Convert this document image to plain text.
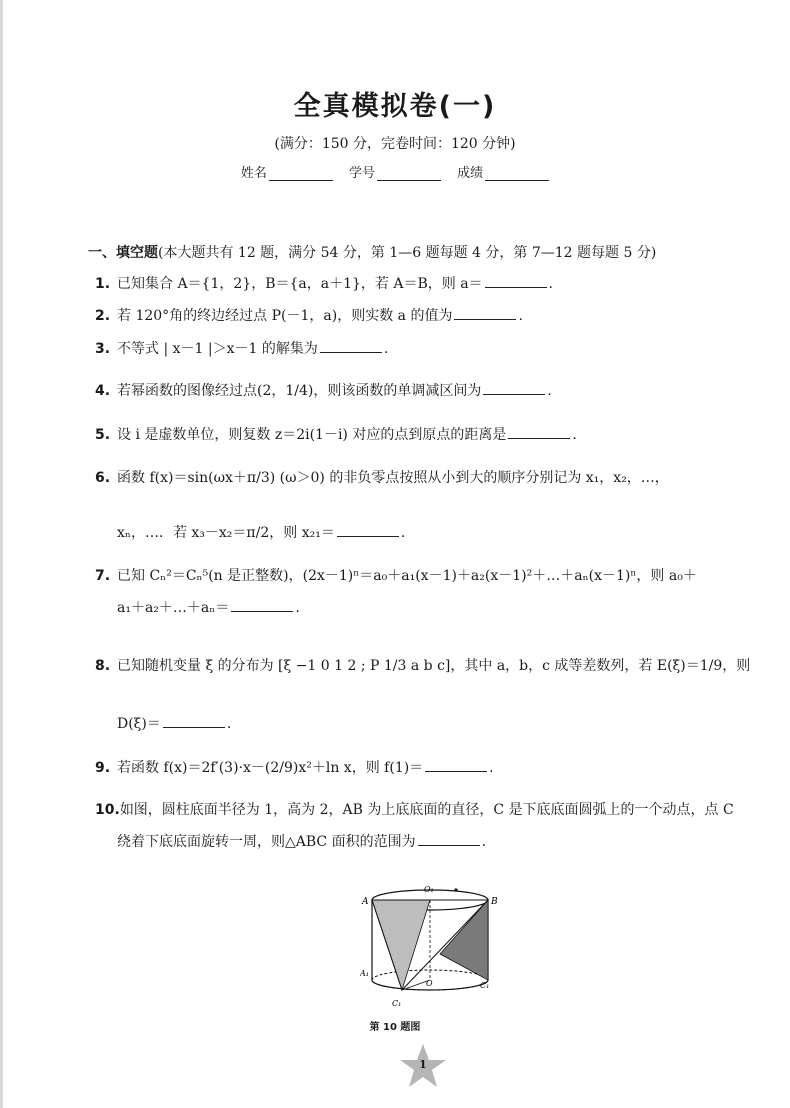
全真模拟卷(一)
(满分：150 分，完卷时间：120 分钟)
姓名	学号	成绩
一、填空题(本大题共有 12 题，满分 54 分，第 1—6 题每题 4 分，第 7—12 题每题 5 分)
1. 已知集合 A＝{1，2}，B＝{a，a＋1}，若 A＝B，则 a＝	.
2. 若 120°角的终边经过点 P(－1，a)，则实数 a 的值为	.
3. 不等式 | x－1 |＞x－1 的解集为	.
4. 若幂函数的图像经过点(2，1/4)，则该函数的单调减区间为	.
5. 设 i 是虚数单位，则复数 z＝2i(1－i) 对应的点到原点的距离是	.
6. 函数 f(x)＝sin(ωx＋π/3) (ω＞0) 的非负零点按照从小到大的顺序分别记为 x₁，x₂，…，
xₙ，…．若 x₃－x₂＝π/2，则 x₂₁＝	.
7. 已知 Cₙ²＝Cₙ⁵(n 是正整数)，(2x－1)ⁿ＝a₀＋a₁(x－1)＋a₂(x－1)²＋…＋aₙ(x－1)ⁿ，则 a₀＋
a₁＋a₂＋…＋aₙ＝	.
8. 已知随机变量 ξ 的分布为 [ξ −1 0 1 2 ; P 1/3 a b c]，其中 a，b，c 成等差数列，若 E(ξ)＝1/9，则
D(ξ)＝	.
9. 若函数 f(x)＝2f′(3)·x－(2/9)x²＋ln x，则 f(1)＝	.
10.如图，圆柱底面半径为 1，高为 2，AB 为上底底面的直径，C 是下底底面圆弧上的一个动点，点 C
绕着下底底面旋转一周，则△ABC 面积的范围为	.
A	B
O₁
A₁
O
C₁
C₁
第 10 题图
1
